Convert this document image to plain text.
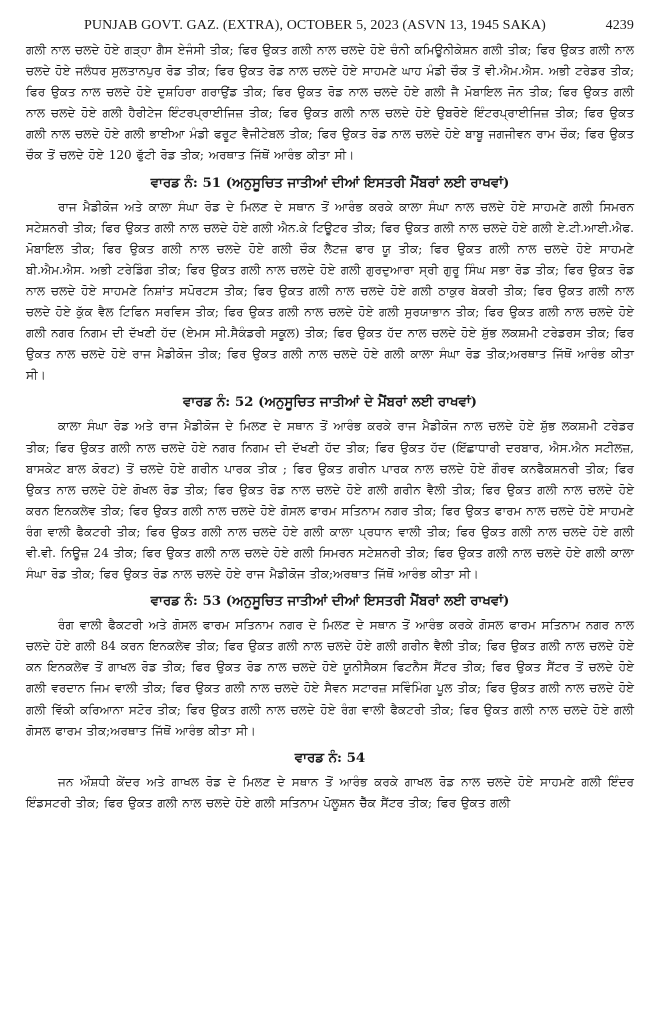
PUNJAB GOVT. GAZ. (EXTRA), OCTOBER 5, 2023 (ASVN 13, 1945 SAKA)	4239

ਗਲੀ ਨਾਲ ਚਲਦੇ ਹੋਏ ਗੜ੍ਹਾ ਗੈਸ ਏਜੰਸੀ ਤੀਕ; ਫਿਰ ਉਕਤ ਗਲੀ ਨਾਲ ਚਲਦੇ ਹੋਏ ਚੰਨੀ ਕਮਿਊਨੀਕੇਸ਼ਨ ਗਲੀ ਤੀਕ; ਫਿਰ ਉਕਤ ਗਲੀ ਨਾਲ ਚਲਦੇ ਹੋਏ ਜਲੰਧਰ ਸੁਲਤਾਨਪੁਰ ਰੋਡ ਤੀਕ; ਫਿਰ ਉਕਤ ਰੋਡ ਨਾਲ ਚਲਦੇ ਹੋਏ ਸਾਹਮਣੇ ਘਾਹ ਮੰਡੀ ਚੌਕ ਤੋਂ ਵੀ.ਐਮ.ਐਸ. ਅਭੀ ਟਰੇਡਰ ਤੀਕ; ਫਿਰ ਉਕਤ ਨਾਲ ਚਲਦੇ ਹੋਏ ਦੁਸ਼ਹਿਰਾ ਗਰਾਉਂਡ ਤੀਕ; ਫਿਰ ਉਕਤ ਰੋਡ ਨਾਲ ਚਲਦੇ ਹੋਏ ਗਲੀ ਜੈ ਮੋਬਾਇਲ ਜੋਨ ਤੀਕ; ਫਿਰ ਉਕਤ ਗਲੀ ਨਾਲ ਚਲਦੇ ਹੋਏ ਗਲੀ ਹੈਰੀਟੇਜ ਇੰਟਰਪ੍ਰਾਈਜਿਜ਼ ਤੀਕ; ਫਿਰ ਉਕਤ ਗਲੀ ਨਾਲ ਚਲਦੇ ਹੋਏ ਉਬਰੋਏ ਇੰਟਰਪ੍ਰਾਈਜਿਜ਼ ਤੀਕ; ਫਿਰ ਉਕਤ ਗਲੀ ਨਾਲ ਚਲਦੇ ਹੋਏ ਗਲੀ ਭਾਈਆ ਮੰਡੀ ਫਰੂਟ ਵੈਜੀਟੇਬਲ ਤੀਕ; ਫਿਰ ਉਕਤ ਰੋਡ ਨਾਲ ਚਲਦੇ ਹੋਏ ਬਾਬੂ ਜਗਜੀਵਨ ਰਾਮ ਚੌਕ; ਫਿਰ ਉਕਤ ਚੌਕ ਤੋਂ ਚਲਦੇ ਹੋਏ 120 ਫੁੱਟੀ ਰੋਡ ਤੀਕ; ਅਰਥਾਤ ਜਿੱਥੋਂ ਆਰੰਭ ਕੀਤਾ ਸੀ।

ਵਾਰਡ ਨੰ: 51 (ਅਨੁਸੂਚਿਤ ਜਾਤੀਆਂ ਦੀਆਂ ਇਸਤਰੀ ਮੈਂਬਰਾਂ ਲਈ ਰਾਖਵਾਂ)

ਰਾਜ ਮੈਡੀਕੋਜ ਅਤੇ ਕਾਲਾ ਸੰਘਾ ਰੋਡ ਦੇ ਮਿਲਣ ਦੇ ਸਥਾਨ ਤੋਂ ਆਰੰਭ ਕਰਕੇ ਕਾਲਾ ਸੰਘਾ ਨਾਲ ਚਲਦੇ ਹੋਏ ਸਾਹਮਣੇ ਗਲੀ ਸਿਮਰਨ ਸਟੇਸ਼ਨਰੀ ਤੀਕ; ਫਿਰ ਉਕਤ ਗਲੀ ਨਾਲ ਚਲਦੇ ਹੋਏ ਗਲੀ ਐਨ.ਕੇ ਟਿਊਟਰ ਤੀਕ; ਫਿਰ ਉਕਤ ਗਲੀ ਨਾਲ ਚਲਦੇ ਹੋਏ ਗਲੀ ਏ.ਟੀ.ਆਈ.ਐਫ. ਮੋਬਾਇਲ ਤੀਕ; ਫਿਰ ਉਕਤ ਗਲੀ ਨਾਲ ਚਲਦੇ ਹੋਏ ਗਲੀ ਚੌਕ ਲੈਟਜ਼ ਫਾਰ ਯੂ ਤੀਕ; ਫਿਰ ਉਕਤ ਗਲੀ ਨਾਲ ਚਲਦੇ ਹੋਏ ਸਾਹਮਣੇ ਬੀ.ਐਮ.ਐਸ. ਅਭੀ ਟਰੇਡਿੰਗ ਤੀਕ; ਫਿਰ ਉਕਤ ਗਲੀ ਨਾਲ ਚਲਦੇ ਹੋਏ ਗਲੀ ਗੁਰਦੁਆਰਾ ਸ੍ਰੀ ਗੁਰੂ ਸਿੰਘ ਸਭਾ ਰੋਡ ਤੀਕ; ਫਿਰ ਉਕਤ ਰੋਡ ਨਾਲ ਚਲਦੇ ਹੋਏ ਸਾਹਮਣੇ ਨਿਸ਼ਾਂਤ ਸਪੋਰਟਸ ਤੀਕ; ਫਿਰ ਉਕਤ ਗਲੀ ਨਾਲ ਚਲਦੇ ਹੋਏ ਗਲੀ ਠਾਕੁਰ ਬੇਕਰੀ ਤੀਕ; ਫਿਰ ਉਕਤ ਗਲੀ ਨਾਲ ਚਲਦੇ ਹੋਏ ਕੁੱਕ ਵੈਲ ਟਿਫਿਨ ਸਰਵਿਸ ਤੀਕ; ਫਿਰ ਉਕਤ ਗਲੀ ਨਾਲ ਚਲਦੇ ਹੋਏ ਗਲੀ ਸੁਰਯਾਭਾਨ ਤੀਕ; ਫਿਰ ਉਕਤ ਗਲੀ ਨਾਲ ਚਲਦੇ ਹੋਏ ਗਲੀ ਨਗਰ ਨਿਗਮ ਦੀ ਦੱਖਣੀ ਹੱਦ (ਏਮਸ ਸੀ.ਸੈਕੰਡਰੀ ਸਕੂਲ) ਤੀਕ; ਫਿਰ ਉਕਤ ਹੱਦ ਨਾਲ ਚਲਦੇ ਹੋਏ ਸ਼ੁੱਭ ਲਕਸ਼ਮੀ ਟਰੇਡਰਸ ਤੀਕ; ਫਿਰ ਉਕਤ ਨਾਲ ਚਲਦੇ ਹੋਏ ਰਾਜ ਮੈਡੀਕੋਜ ਤੀਕ; ਫਿਰ ਉਕਤ ਗਲੀ ਨਾਲ ਚਲਦੇ ਹੋਏ ਗਲੀ ਕਾਲਾ ਸੰਘਾ ਰੋਡ ਤੀਕ;ਅਰਥਾਤ ਜਿੱਥੋਂ ਆਰੰਭ ਕੀਤਾ ਸੀ।

ਵਾਰਡ ਨੰ: 52 (ਅਨੁਸੂਚਿਤ ਜਾਤੀਆਂ ਦੇ ਮੈਂਬਰਾਂ ਲਈ ਰਾਖਵਾਂ)

ਕਾਲਾ ਸੰਘਾ ਰੋਡ ਅਤੇ ਰਾਜ ਮੈਡੀਕੋਜ ਦੇ ਮਿਲਣ ਦੇ ਸਥਾਨ ਤੋਂ ਆਰੰਭ ਕਰਕੇ ਰਾਜ ਮੈਡੀਕੋਜ ਨਾਲ ਚਲਦੇ ਹੋਏ ਸ਼ੁੱਭ ਲਕਸ਼ਮੀ ਟਰੇਡਰ ਤੀਕ; ਫਿਰ ਉਕਤ ਗਲੀ ਨਾਲ ਚਲਦੇ ਹੋਏ ਨਗਰ ਨਿਗਮ ਦੀ ਦੱਖਣੀ ਹੱਦ ਤੀਕ; ਫਿਰ ਉਕਤ ਹੱਦ (ਇੱਛਾਧਾਰੀ ਦਰਬਾਰ, ਐਸ.ਐਨ ਸਟੀਲਜ਼, ਬਾਸਕੇਟ ਬਾਲ ਕੋਰਟ) ਤੋਂ ਚਲਦੇ ਹੋਏ ਗਰੀਨ ਪਾਰਕ ਤੀਕ ; ਫਿਰ ਉਕਤ ਗਰੀਨ ਪਾਰਕ ਨਾਲ ਚਲਦੇ ਹੋਏ ਗੌਰਵ ਕਨਫੈਕਸ਼ਨਰੀ ਤੀਕ; ਫਿਰ ਉਕਤ ਨਾਲ ਚਲਦੇ ਹੋਏ ਗੋਖਲ ਰੋਡ ਤੀਕ; ਫਿਰ ਉਕਤ ਰੋਡ ਨਾਲ ਚਲਦੇ ਹੋਏ ਗਲੀ ਗਰੀਨ ਵੈਲੀ ਤੀਕ; ਫਿਰ ਉਕਤ ਗਲੀ ਨਾਲ ਚਲਦੇ ਹੋਏ ਕਰਨ ਇਨਕਲੇਵ ਤੀਕ; ਫਿਰ ਉਕਤ ਗਲੀ ਨਾਲ ਚਲਦੇ ਹੋਏ ਗੋਸਲ ਫਾਰਮ ਸਤਿਨਾਮ ਨਗਰ ਤੀਕ; ਫਿਰ ਉਕਤ ਫਾਰਮ ਨਾਲ ਚਲਦੇ ਹੋਏ ਸਾਹਮਣੇ ਰੰਗ ਵਾਲੀ ਫੈਕਟਰੀ ਤੀਕ; ਫਿਰ ਉਕਤ ਗਲੀ ਨਾਲ ਚਲਦੇ ਹੋਏ ਗਲੀ ਕਾਲਾ ਪ੍ਰਧਾਨ ਵਾਲੀ ਤੀਕ; ਫਿਰ ਉਕਤ ਗਲੀ ਨਾਲ ਚਲਦੇ ਹੋਏ ਗਲੀ ਵੀ.ਵੀ. ਨਿਊਜ਼ 24 ਤੀਕ; ਫਿਰ ਉਕਤ ਗਲੀ ਨਾਲ ਚਲਦੇ ਹੋਏ ਗਲੀ ਸਿਮਰਨ ਸਟੇਸ਼ਨਰੀ ਤੀਕ; ਫਿਰ ਉਕਤ ਗਲੀ ਨਾਲ ਚਲਦੇ ਹੋਏ ਗਲੀ ਕਾਲਾ ਸੰਘਾ ਰੋਡ ਤੀਕ; ਫਿਰ ਉਕਤ ਰੋਡ ਨਾਲ ਚਲਦੇ ਹੋਏ ਰਾਜ ਮੈਡੀਕੋਜ ਤੀਕ;ਅਰਥਾਤ ਜਿੱਥੋਂ ਆਰੰਭ ਕੀਤਾ ਸੀ।

ਵਾਰਡ ਨੰ: 53 (ਅਨੁਸੂਚਿਤ ਜਾਤੀਆਂ ਦੀਆਂ ਇਸਤਰੀ ਮੈਂਬਰਾਂ ਲਈ ਰਾਖਵਾਂ)

ਰੰਗ ਵਾਲੀ ਫੈਕਟਰੀ ਅਤੇ ਗੋਸਲ ਫਾਰਮ ਸਤਿਨਾਮ ਨਗਰ ਦੇ ਮਿਲਣ ਦੇ ਸਥਾਨ ਤੋਂ ਆਰੰਭ ਕਰਕੇ ਗੋਸਲ ਫਾਰਮ ਸਤਿਨਾਮ ਨਗਰ ਨਾਲ ਚਲਦੇ ਹੋਏ ਗਲੀ 84 ਕਰਨ ਇਨਕਲੇਵ ਤੀਕ; ਫਿਰ ਉਕਤ ਗਲੀ ਨਾਲ ਚਲਦੇ ਹੋਏ ਗਲੀ ਗਰੀਨ ਵੈਲੀ ਤੀਕ; ਫਿਰ ਉਕਤ ਗਲੀ ਨਾਲ ਚਲਦੇ ਹੋਏ ਕਨ ਇਨਕਲੇਵ ਤੋਂ ਗਾਖਲ ਰੋਡ ਤੀਕ; ਫਿਰ ਉਕਤ ਰੋਡ ਨਾਲ ਚਲਦੇ ਹੋਏ ਯੂਨੀਸੈਕਸ ਫਿਟਨੈਸ ਸੈਂਟਰ ਤੀਕ; ਫਿਰ ਉਕਤ ਸੈਂਟਰ ਤੋਂ ਚਲਦੇ ਹੋਏ ਗਲੀ ਵਰਦਾਨ ਜਿਮ ਵਾਲੀ ਤੀਕ; ਫਿਰ ਉਕਤ ਗਲੀ ਨਾਲ ਚਲਦੇ ਹੋਏ ਸੈਵਨ ਸਟਾਰਜ਼ ਸਵਿੰਮਿੰਗ ਪੂਲ ਤੀਕ; ਫਿਰ ਉਕਤ ਗਲੀ ਨਾਲ ਚਲਦੇ ਹੋਏ ਗਲੀ ਵਿੱਕੀ ਕਰਿਆਨਾ ਸਟੋਰ ਤੀਕ; ਫਿਰ ਉਕਤ ਗਲੀ ਨਾਲ ਚਲਦੇ ਹੋਏ ਰੰਗ ਵਾਲੀ ਫੈਕਟਰੀ ਤੀਕ; ਫਿਰ ਉਕਤ ਗਲੀ ਨਾਲ ਚਲਦੇ ਹੋਏ ਗਲੀ ਗੋਸਲ ਫਾਰਮ ਤੀਕ;ਅਰਥਾਤ ਜਿੱਥੋਂ ਆਰੰਭ ਕੀਤਾ ਸੀ।

ਵਾਰਡ ਨੰ: 54

ਜਨ ਔਸ਼ਧੀ ਕੇਂਦਰ ਅਤੇ ਗਾਖਲ ਰੋਡ ਦੇ ਮਿਲਣ ਦੇ ਸਥਾਨ ਤੋਂ ਆਰੰਭ ਕਰਕੇ ਗਾਖਲ ਰੋਡ ਨਾਲ ਚਲਦੇ ਹੋਏ ਸਾਹਮਣੇ ਗਲੀ ਇੰਦਰ ਇੰਡਸਟਰੀ ਤੀਕ; ਫਿਰ ਉਕਤ ਗਲੀ ਨਾਲ ਚਲਦੇ ਹੋਏ ਗਲੀ ਸਤਿਨਾਮ ਪੋਲੂਸ਼ਨ ਚੈੱਕ ਸੈਂਟਰ ਤੀਕ; ਫਿਰ ਉਕਤ ਗਲੀ
